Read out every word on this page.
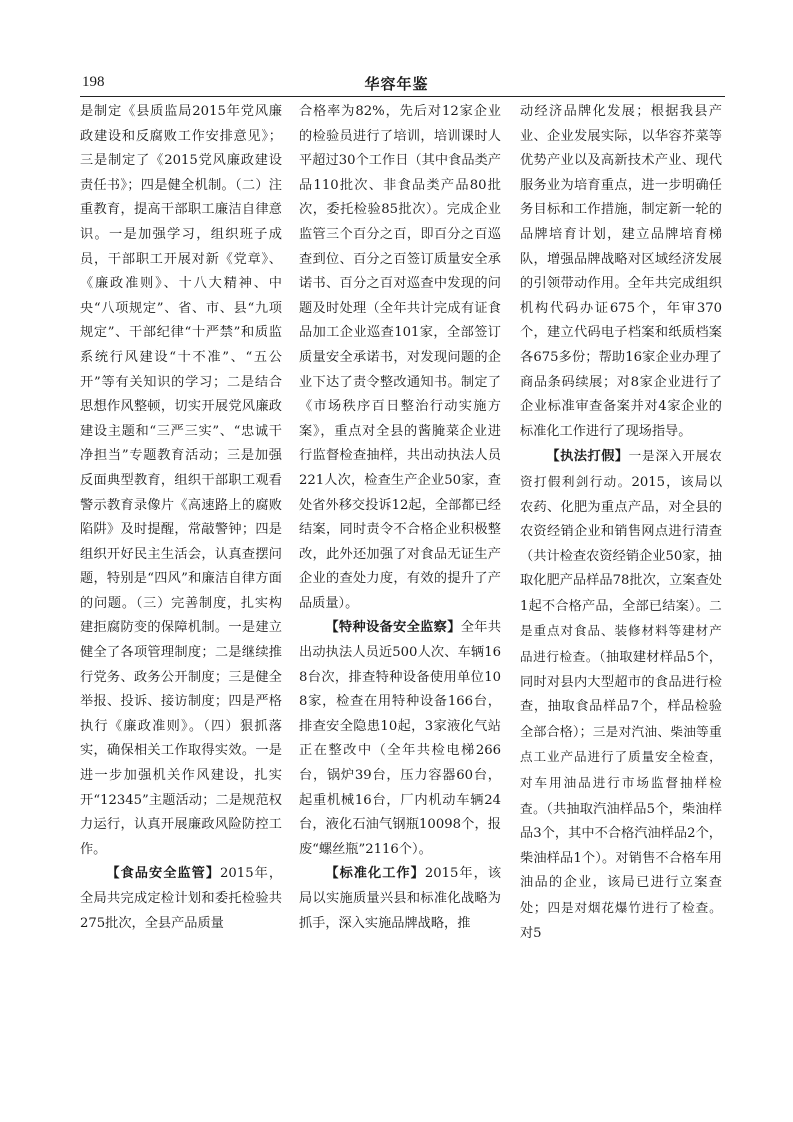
198	华容年鉴

是制定《县质监局2015年党风廉政建设和反腐败工作安排意见》；三是制定了《2015党风廉政建设责任书》；四是健全机制。（二）注重教育，提高干部职工廉洁自律意识。一是加强学习，组织班子成员，干部职工开展对新《党章》、《廉政准则》、十八大精神、中央“八项规定”、省、市、县“九项规定”、干部纪律“十严禁”和质监系统行风建设“十不准”、“五公开”等有关知识的学习；二是结合思想作风整顿，切实开展党风廉政建设主题和“三严三实”、“忠诚干净担当”专题教育活动；三是加强反面典型教育，组织干部职工观看警示教育录像片《高速路上的腐败陷阱》及时提醒，常敲警钟；四是组织开好民主生活会，认真查摆问题，特别是“四风”和廉洁自律方面的问题。（三）完善制度，扎实构建拒腐防变的保障机制。一是建立健全了各项管理制度；二是继续推行党务、政务公开制度；三是健全举报、投诉、接访制度；四是严格执行《廉政准则》。（四）狠抓落实，确保相关工作取得实效。一是进一步加强机关作风建设，扎实开“12345”主题活动；二是规范权力运行，认真开展廉政风险防控工作。

【食品安全监管】2015年，全局共完成定检计划和委托检验共275批次，全县产品质量

合格率为82%，先后对12家企业的检验员进行了培训，培训课时人平超过30个工作日（其中食品类产品110批次、非食品类产品80批次，委托检验85批次）。完成企业监管三个百分之百，即百分之百巡查到位、百分之百签订质量安全承诺书、百分之百对巡查中发现的问题及时处理（全年共计完成有证食品加工企业巡查101家，全部签订质量安全承诺书，对发现问题的企业下达了责令整改通知书。制定了《市场秩序百日整治行动实施方案》，重点对全县的酱腌菜企业进行监督检查抽样，共出动执法人员221人次，检查生产企业50家，查处省外移交投诉12起，全部都已经结案，同时责令不合格企业积极整改，此外还加强了对食品无证生产企业的查处力度，有效的提升了产品质量）。

【特种设备安全监察】全年共出动执法人员近500人次、车辆168台次，排查特种设备使用单位108家，检查在用特种设备166台，排查安全隐患10起，3家液化气站正在整改中（全年共检电梯266台，锅炉39台，压力容器60台，起重机械16台，厂内机动车辆24台，液化石油气钢瓶10098个，报废“螺丝瓶”2116个）。

【标准化工作】2015年，该局以实施质量兴县和标准化战略为抓手，深入实施品牌战略，推

动经济品牌化发展；根据我县产业、企业发展实际，以华容芥菜等优势产业以及高新技术产业、现代服务业为培育重点，进一步明确任务目标和工作措施，制定新一轮的品牌培育计划，建立品牌培育梯队，增强品牌战略对区域经济发展的引领带动作用。全年共完成组织机构代码办证675个，年审370个，建立代码电子档案和纸质档案各675多份；帮助16家企业办理了商品条码续展；对8家企业进行了企业标准审查备案并对4家企业的标准化工作进行了现场指导。

【执法打假】一是深入开展农资打假利剑行动。2015，该局以农药、化肥为重点产品，对全县的农资经销企业和销售网点进行清查（共计检查农资经销企业50家，抽取化肥产品样品78批次，立案查处1起不合格产品，全部已结案）。二是重点对食品、装修材料等建材产品进行检查。（抽取建材样品5个，同时对县内大型超市的食品进行检查，抽取食品样品7个，样品检验全部合格）；三是对汽油、柴油等重点工业产品进行了质量安全检查，对车用油品进行市场监督抽样检查。（共抽取汽油样品5个，柴油样品3个，其中不合格汽油样品2个，柴油样品1个）。对销售不合格车用油品的企业，该局已进行立案查处；四是对烟花爆竹进行了检查。对5
